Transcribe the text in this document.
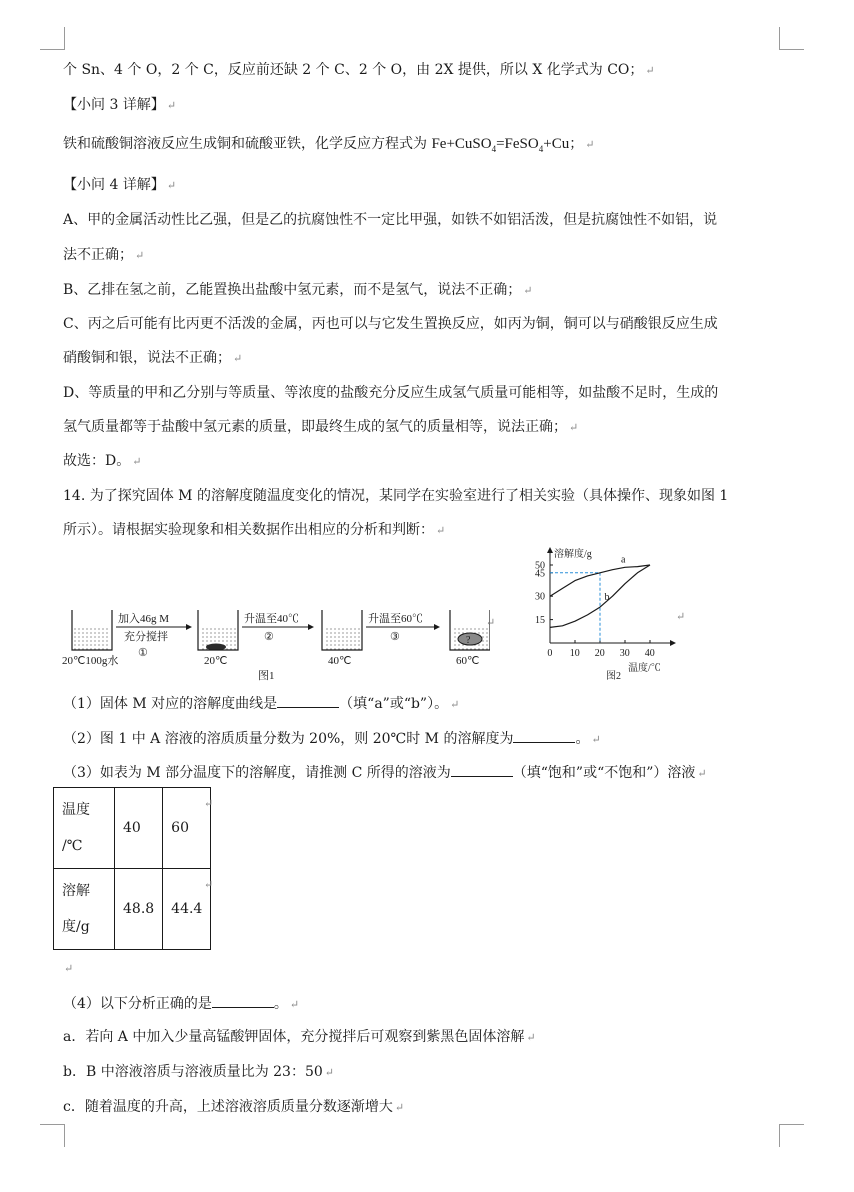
个 Sn、4 个 O，2 个 C，反应前还缺 2 个 C、2 个 O，由 2X 提供，所以 X 化学式为 CO； ↵
【小问 3 详解】 ↵
铁和硫酸铜溶液反应生成铜和硫酸亚铁，化学反应方程式为 Fe+CuSO$_4$=FeSO$_4$+Cu； ↵
【小问 4 详解】 ↵
A、甲的金属活动性比乙强，但是乙的抗腐蚀性不一定比甲强，如铁不如铝活泼，但是抗腐蚀性不如铝，说
法不正确； ↵
B、乙排在氢之前，乙能置换出盐酸中氢元素，而不是氢气，说法不正确； ↵
C、丙之后可能有比丙更不活泼的金属，丙也可以与它发生置换反应，如丙为铜，铜可以与硝酸银反应生成
硝酸铜和银，说法不正确； ↵
D、等质量的甲和乙分别与等质量、等浓度的盐酸充分反应生成氢气质量可能相等，如盐酸不足时，生成的
氢气质量都等于盐酸中氢元素的质量，即最终生成的氢气的质量相等，说法正确； ↵
故选：D。 ↵
14. 为了探究固体 M 的溶解度随温度变化的情况，某同学在实验室进行了相关实验（具体操作、现象如图 1
所示）。请根据实验现象和相关数据作出相应的分析和判断： ↵
20℃100g水
加入46g M
充分搅拌
①
20℃
升温至40℃
②
40℃
升温至60℃
③	?
60℃
图1
↵
溶解度/g
温度/℃
图2
0 10 20 30 40
15
30
45
50
a
b
↵
（1）固体 M 对应的溶解度曲线是	（填“a”或“b”）。 ↵
（2）图 1 中 A 溶液的溶质质量分数为 20%，则 20℃时 M 的溶解度为	。 ↵
（3）如表为 M 部分温度下的溶解度，请推测 C 所得的溶液为	（填“饱和”或“不饱和”）溶液 ↵
温度
/℃	40	60
溶解
度/g	48.8	44.4
↵
↵
↵
（4）以下分析正确的是	。 ↵
a．若向 A 中加入少量高锰酸钾固体，充分搅拌后可观察到紫黑色固体溶解 ↵
b．B 中溶液溶质与溶液质量比为 23：50 ↵
c．随着温度的升高，上述溶液溶质质量分数逐渐增大 ↵
